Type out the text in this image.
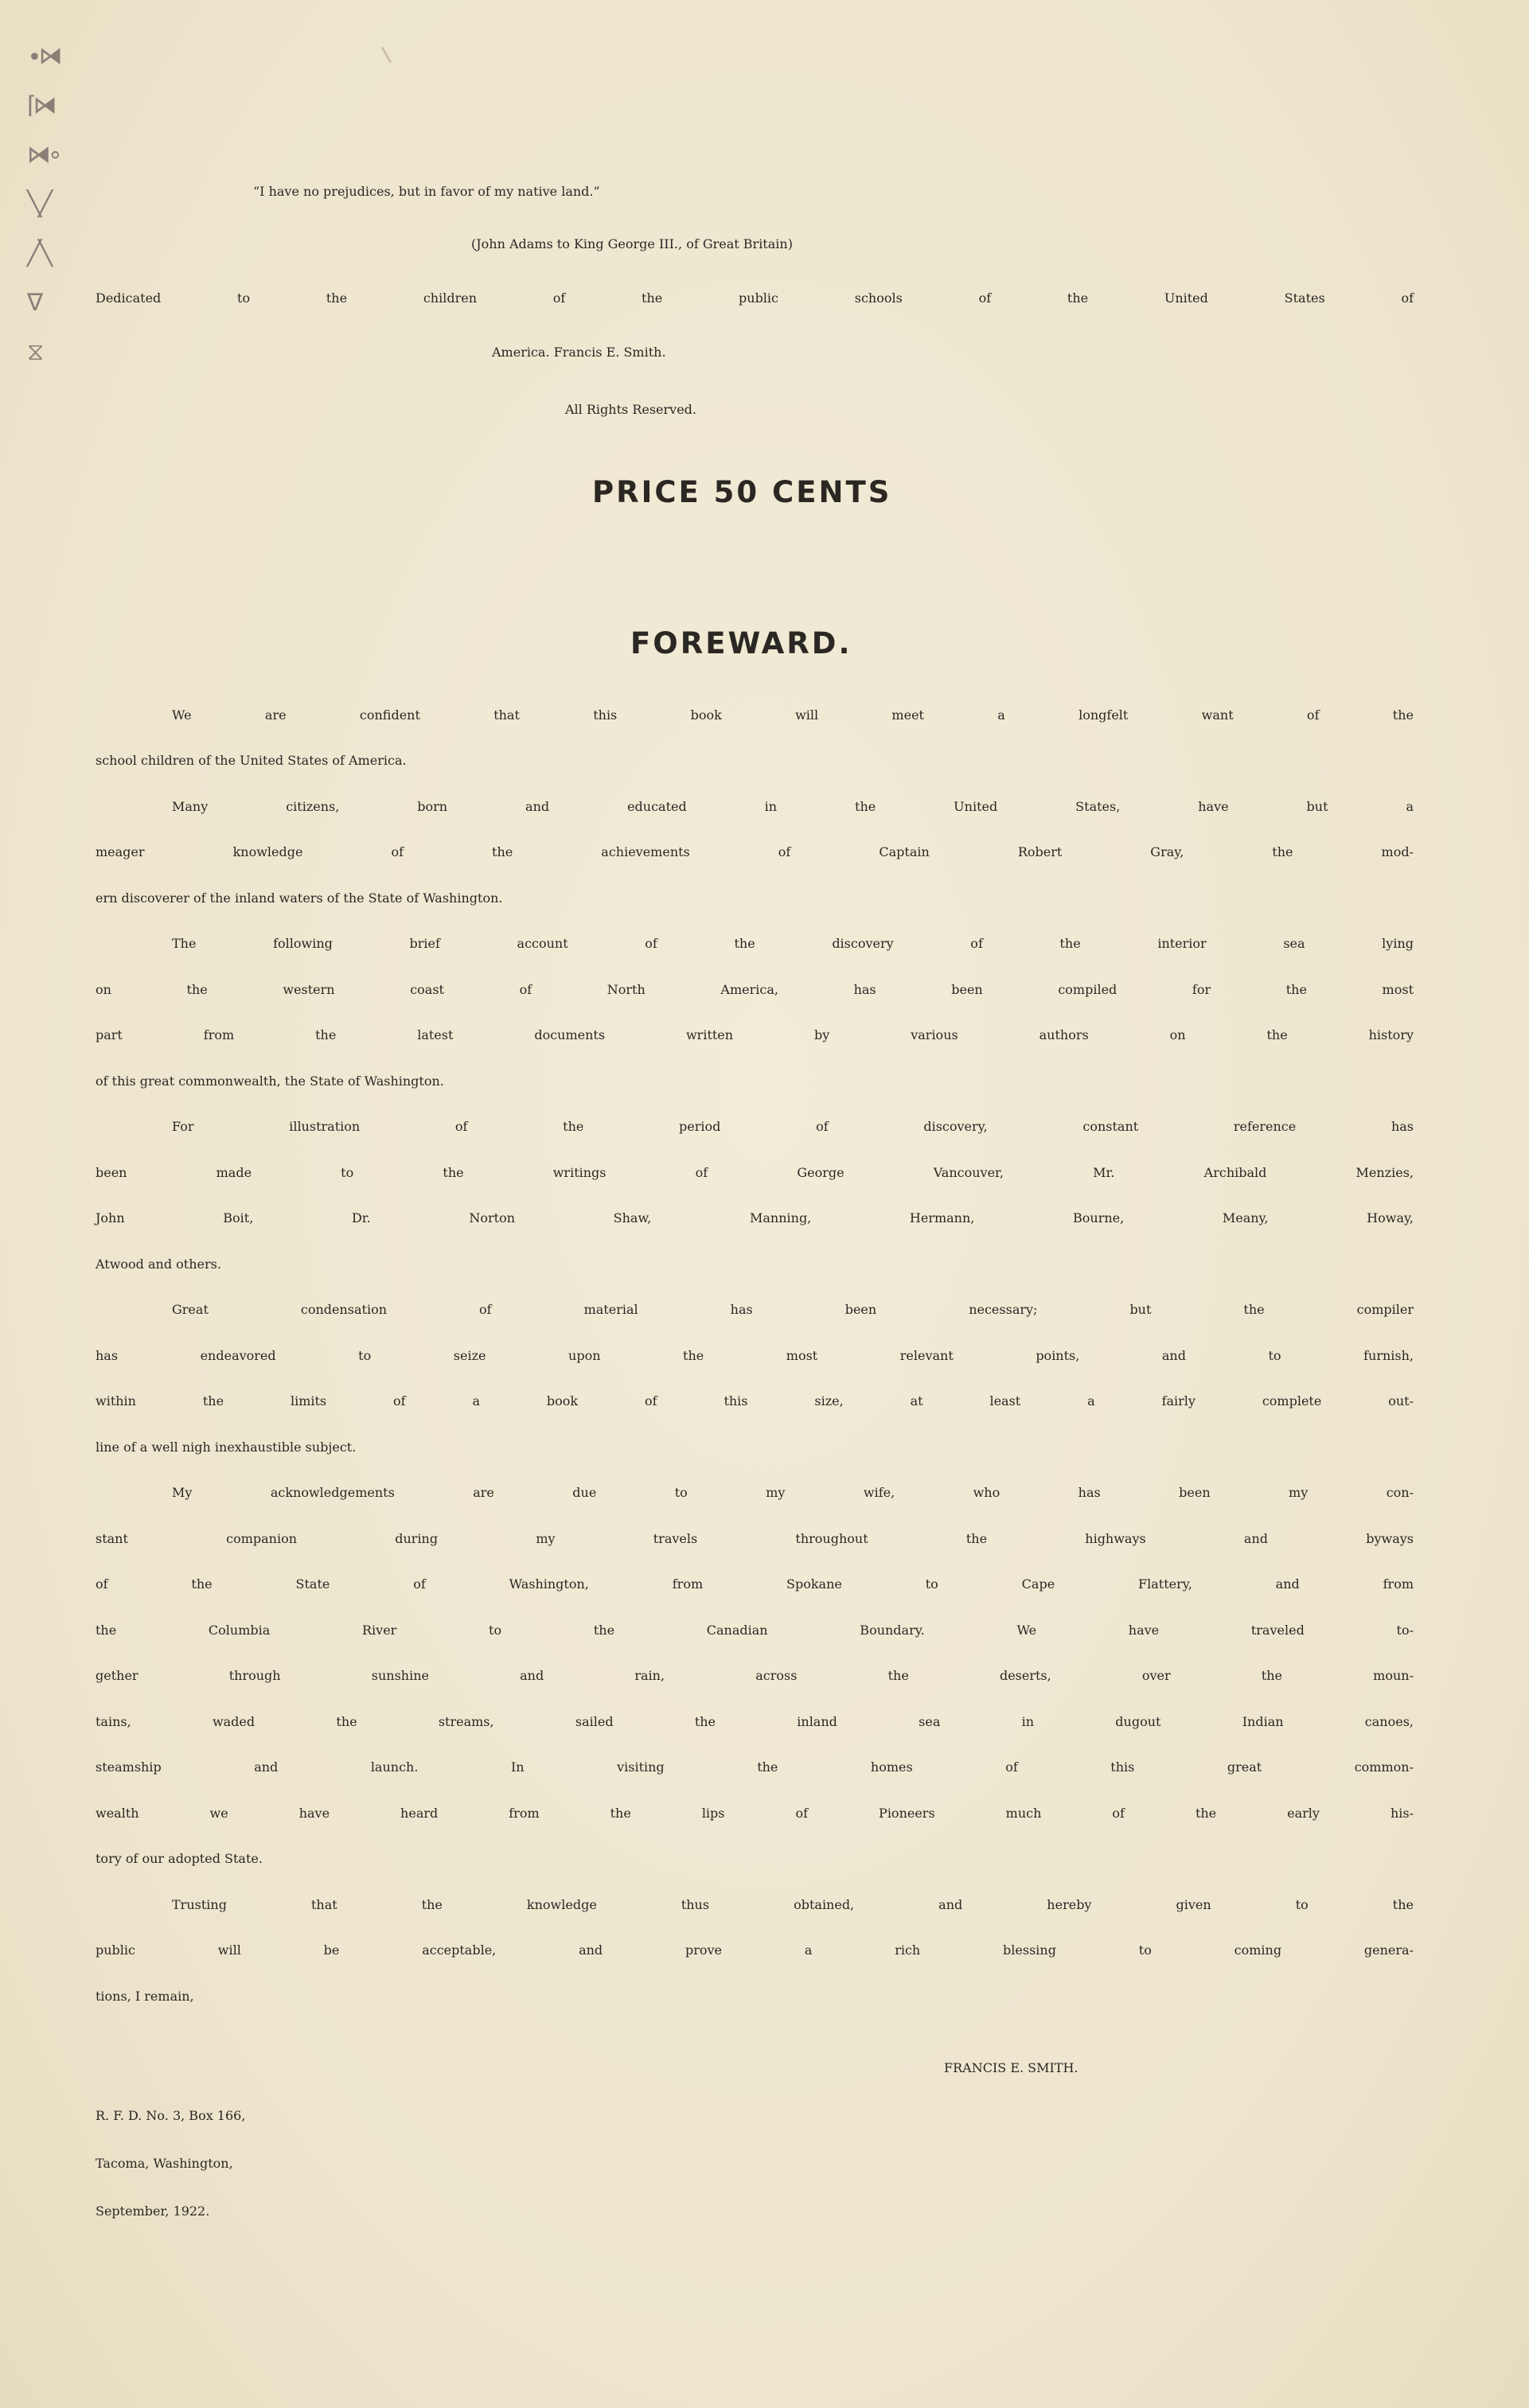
∙⧒
⌈⧒
⧒∘
╲╱
╱╲
∇
⧖
“I have no prejudices, but in favor of my native land.”
(John Adams to King George III., of Great Britain)
Dedicated to the children of the public schools of the United States of
America. Francis E. Smith.
All Rights Reserved.
PRICE 50 CENTS
FOREWARD.
We are confident that this book will meet a longfelt want of the
school children of the United States of America.
Many citizens, born and educated in the United States, have but a
meager knowledge of the achievements of Captain Robert Gray, the mod-
ern discoverer of the inland waters of the State of Washington.
The following brief account of the discovery of the interior sea lying
on the western coast of North America, has been compiled for the most
part from the latest documents written by various authors on the history
of this great commonwealth, the State of Washington.
For illustration of the period of discovery, constant reference has
been made to the writings of George Vancouver, Mr. Archibald Menzies,
John Boit, Dr. Norton Shaw, Manning, Hermann, Bourne, Meany, Howay,
Atwood and others.
Great condensation of material has been necessary; but the compiler
has endeavored to seize upon the most relevant points, and to furnish,
within the limits of a book of this size, at least a fairly complete out-
line of a well nigh inexhaustible subject.
My acknowledgements are due to my wife, who has been my con-
stant companion during my travels throughout the highways and byways
of the State of Washington, from Spokane to Cape Flattery, and from
the Columbia River to the Canadian Boundary. We have traveled to-
gether through sunshine and rain, across the deserts, over the moun-
tains, waded the streams, sailed the inland sea in dugout Indian canoes,
steamship and launch. In visiting the homes of this great common-
wealth we have heard from the lips of Pioneers much of the early his-
tory of our adopted State.
Trusting that the knowledge thus obtained, and hereby given to the
public will be acceptable, and prove a rich blessing to coming genera-
tions, I remain,
FRANCIS E. SMITH.
R. F. D. No. 3, Box 166,
Tacoma, Washington,
September, 1922.
